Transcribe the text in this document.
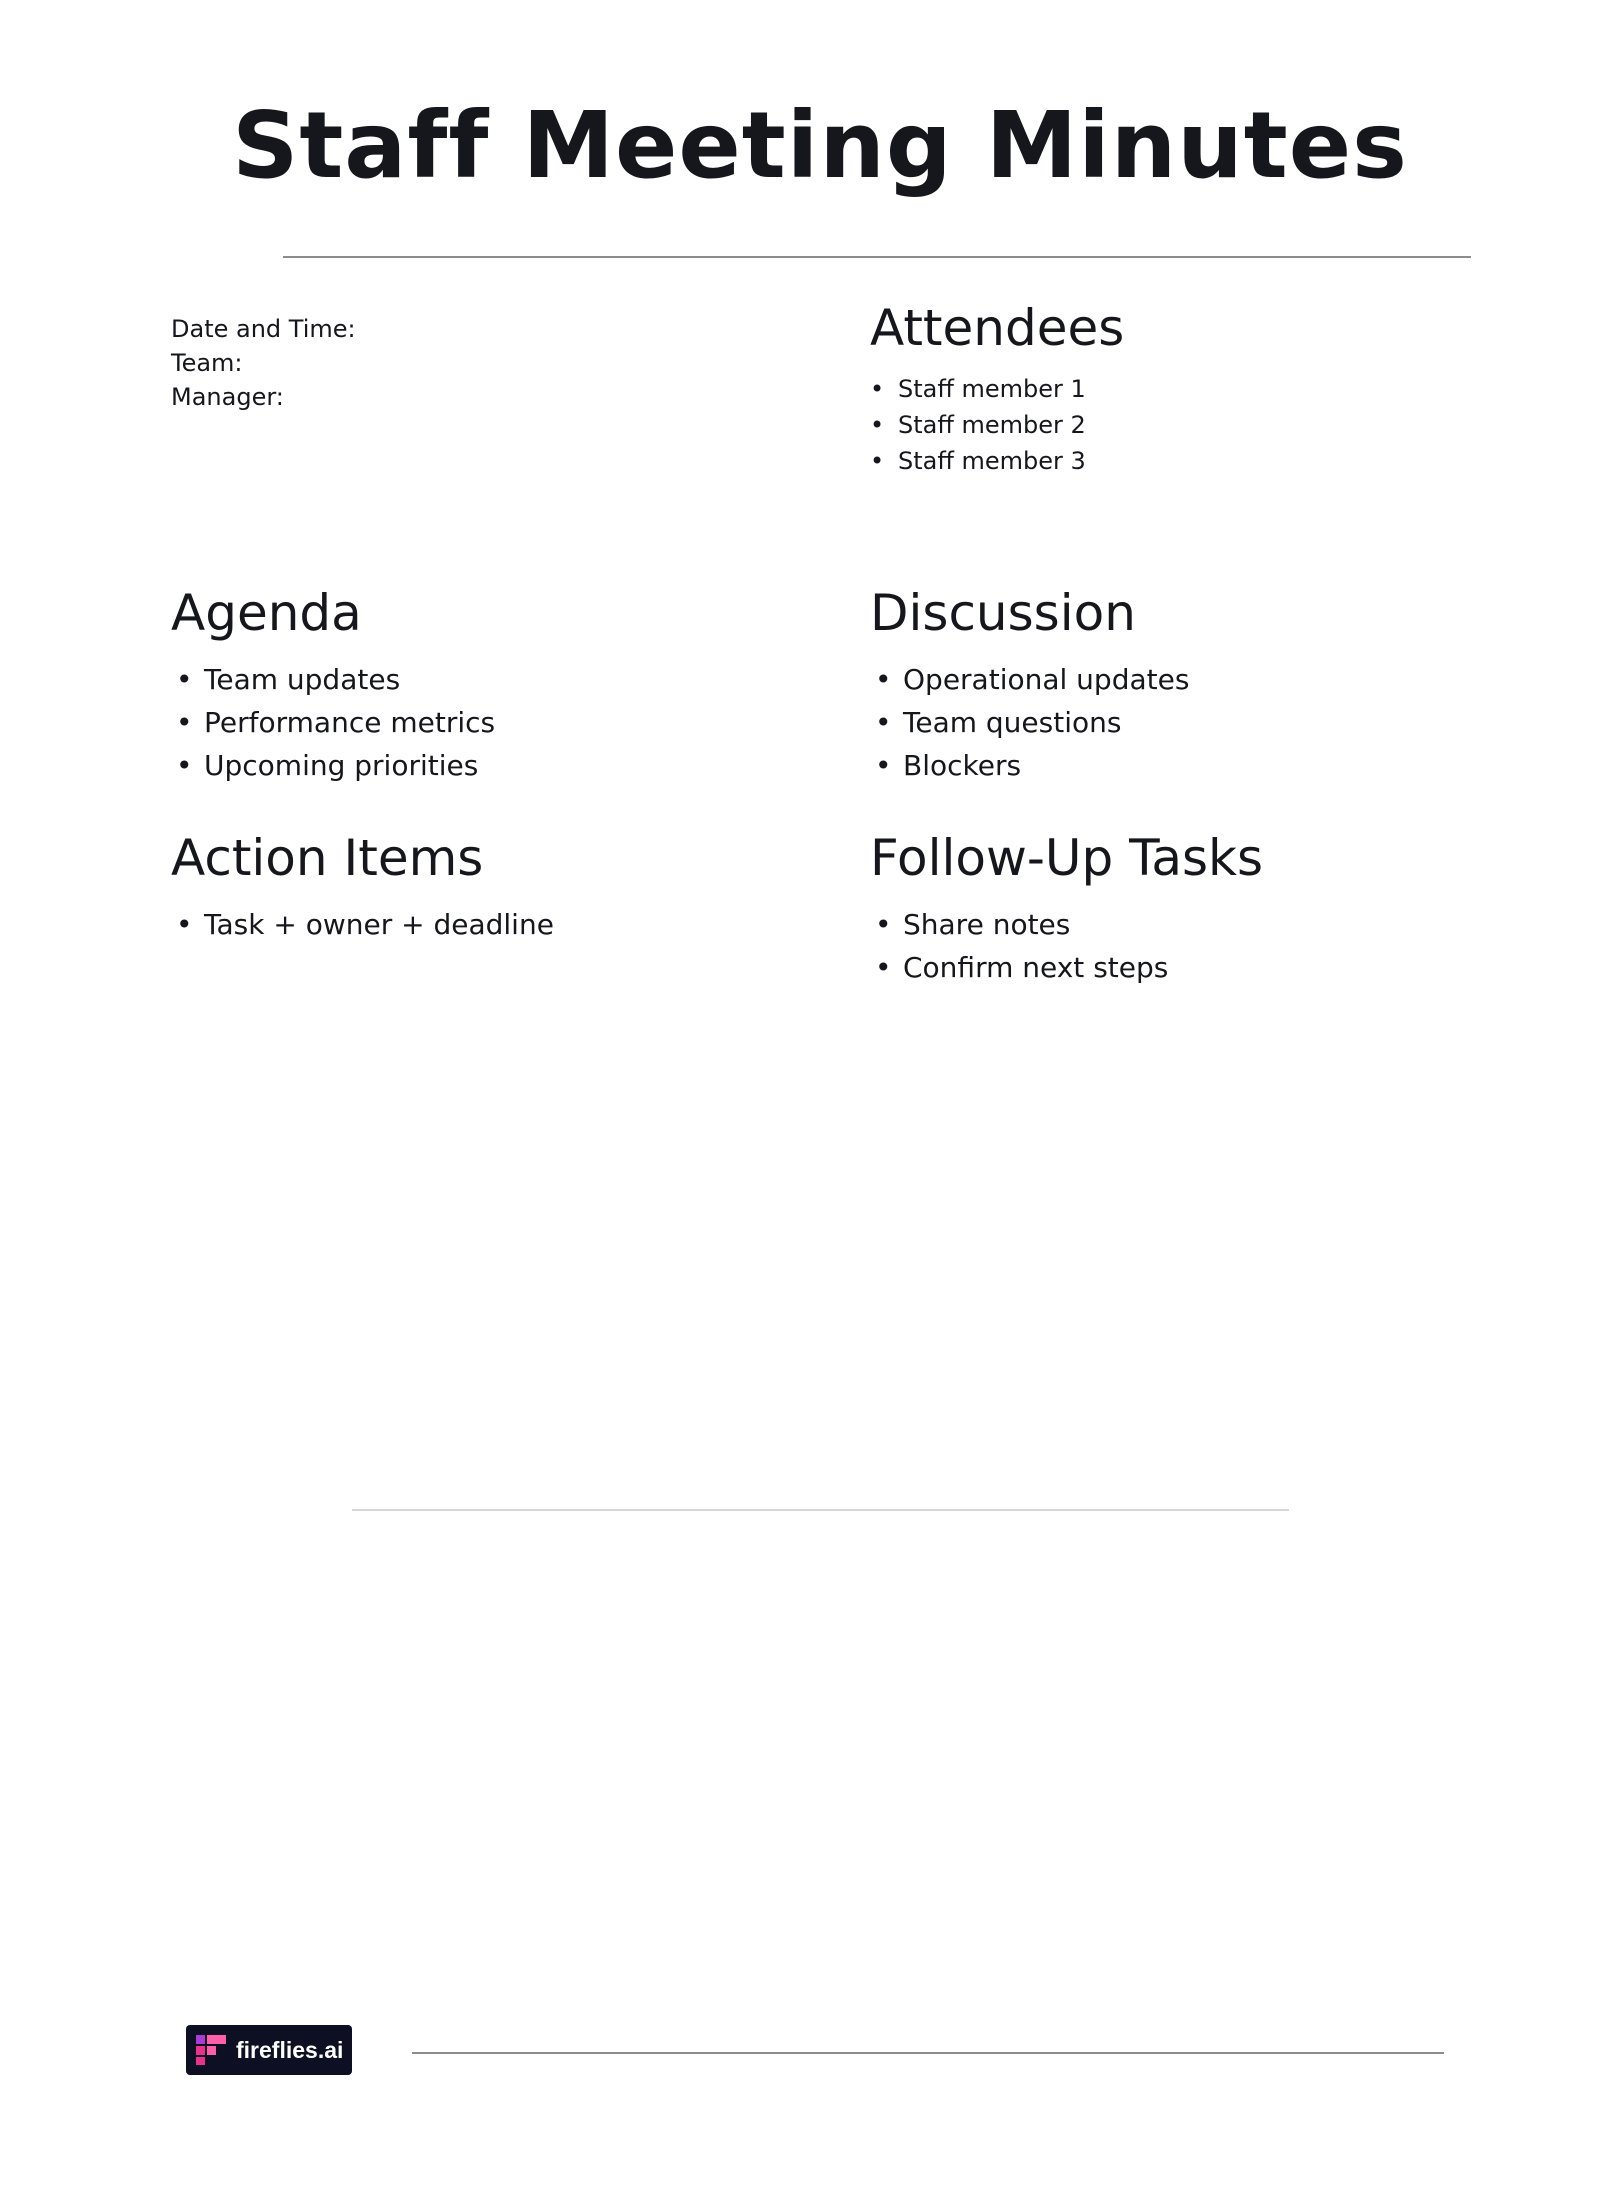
Staff Meeting Minutes
Date and Time:
Team:
Manager:
Attendees
• Staff member 1
• Staff member 2
• Staff member 3
Agenda
• Team updates
• Performance metrics
• Upcoming priorities
Discussion
• Operational updates
• Team questions
• Blockers
Action Items
• Task + owner + deadline
Follow-Up Tasks
• Share notes
• Confirm next steps
fireflies.ai
